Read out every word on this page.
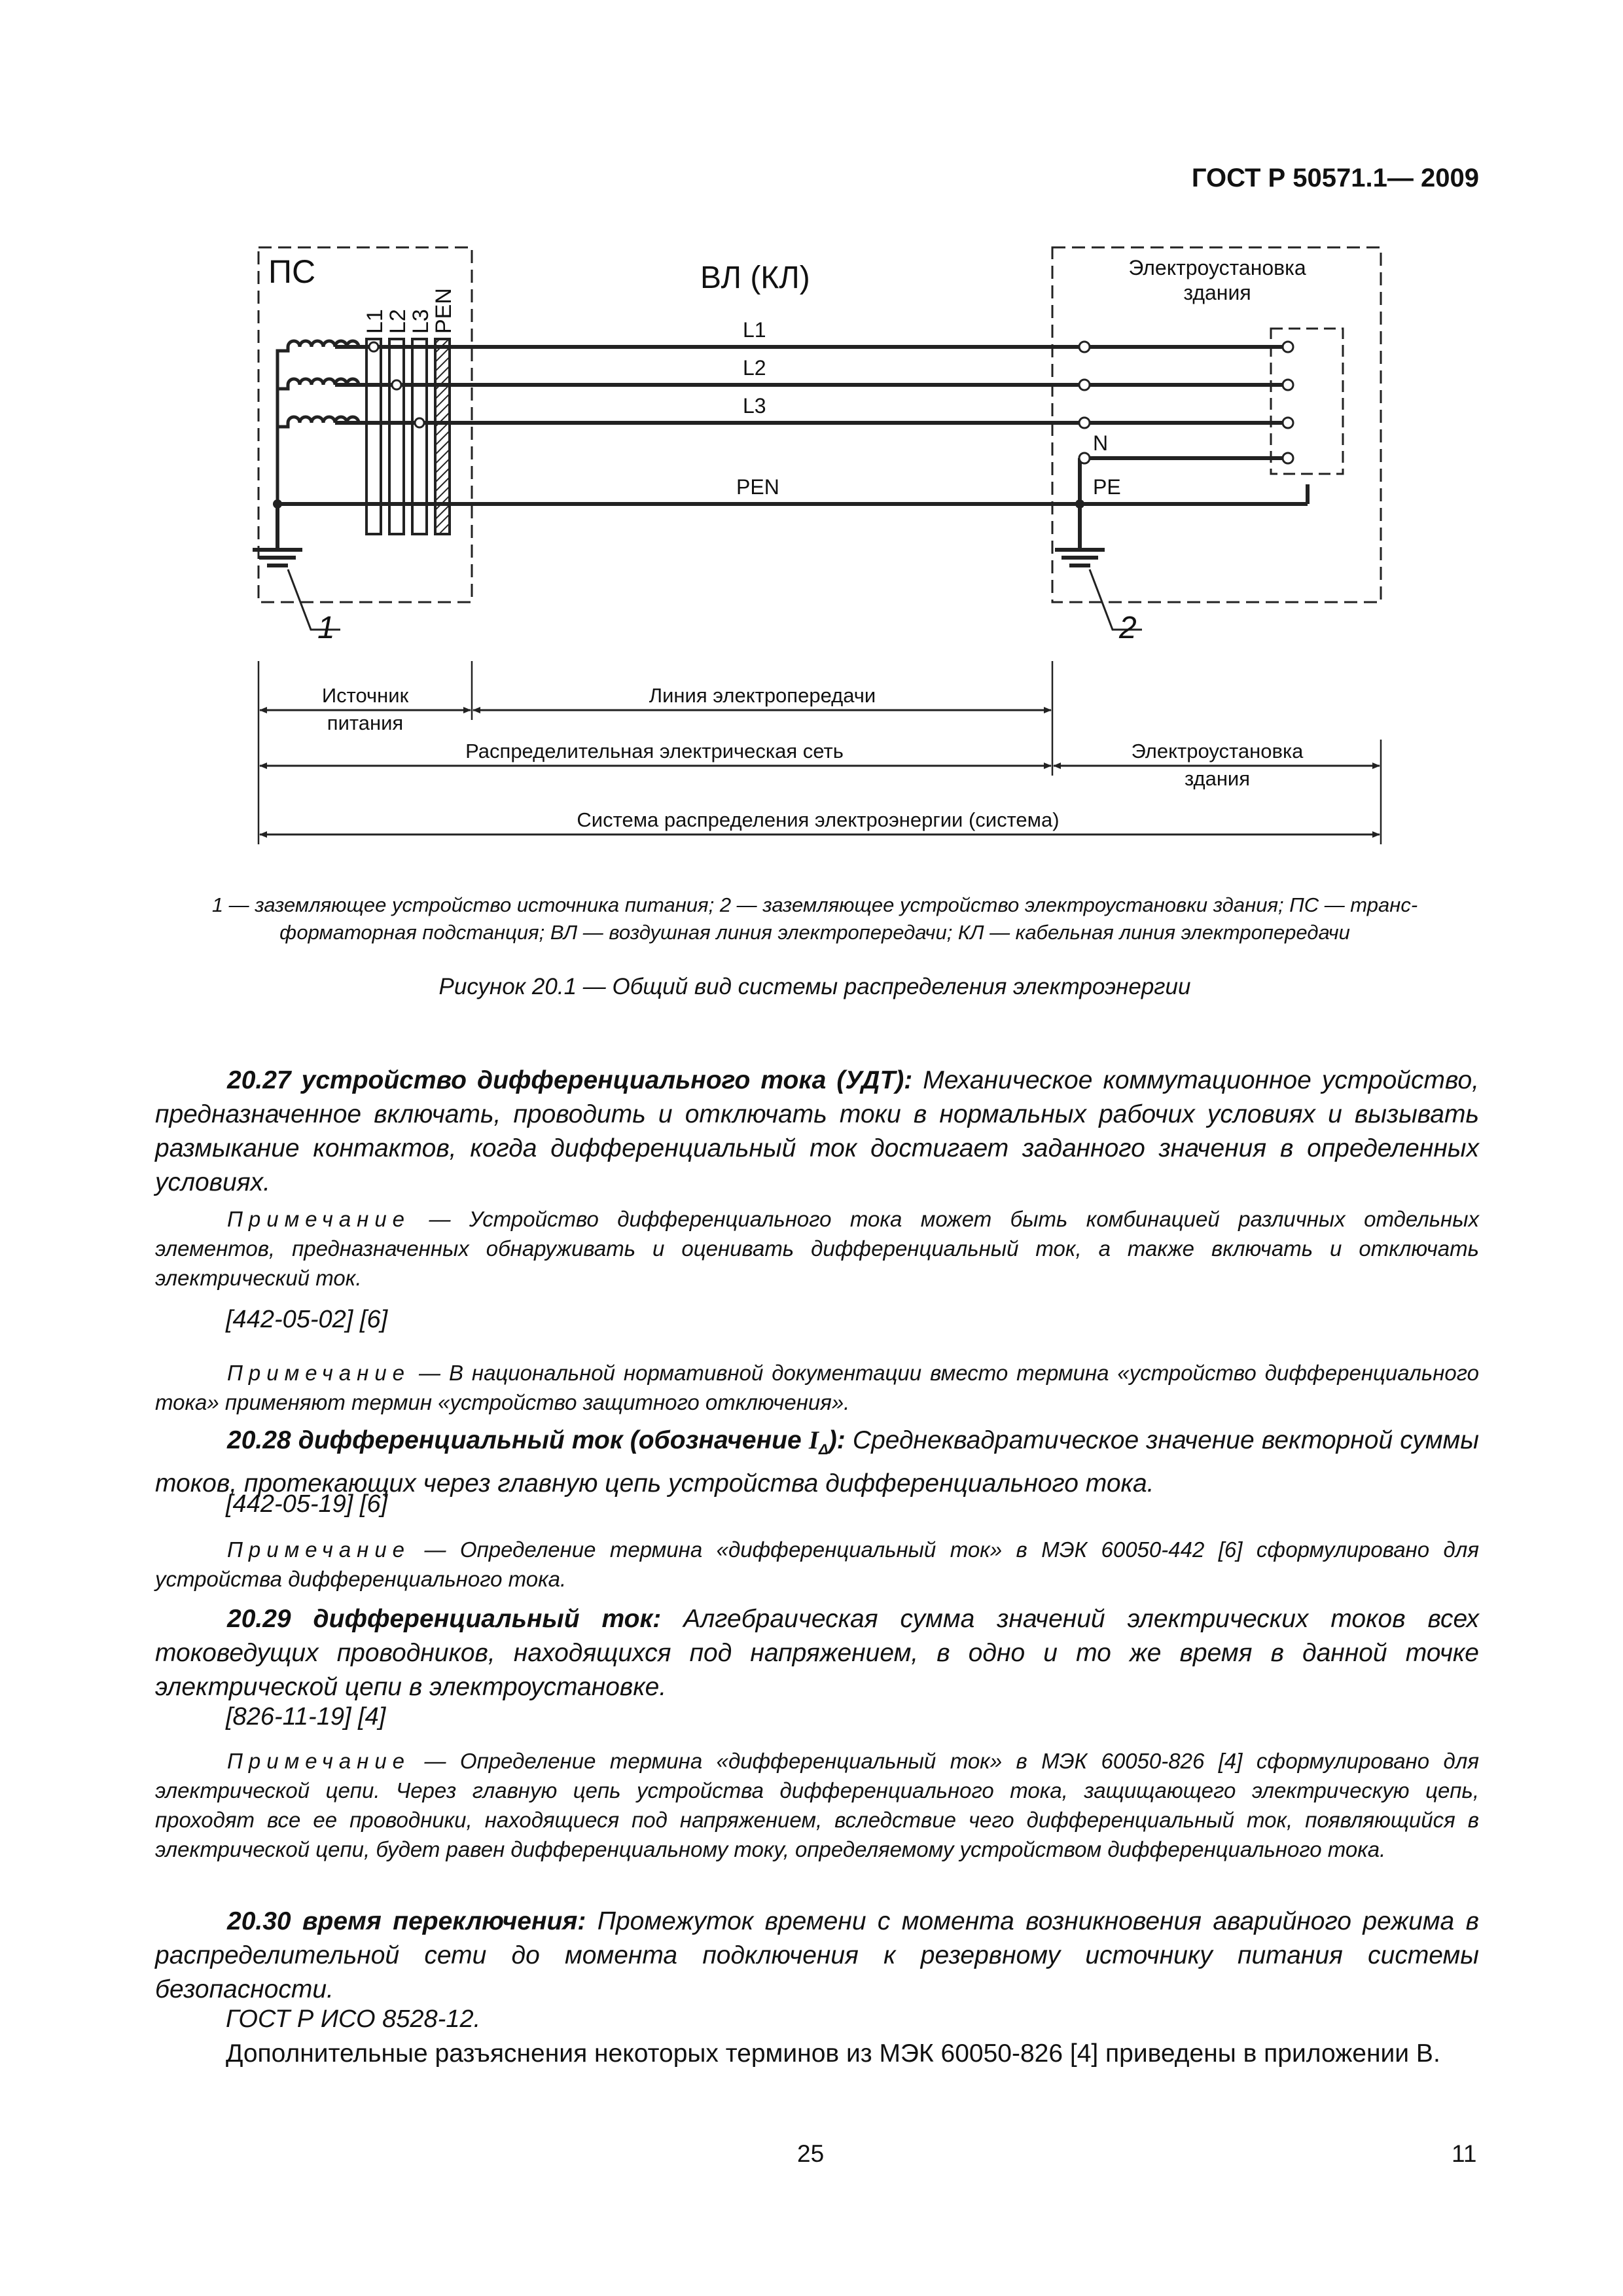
ГОСТ Р 50571.1— 2009
ПС
L1
L2
L3
PEN	L1
L2
L3
PEN
N
PE
ВЛ (КЛ)	Электроустановка
здания
1	2
Источник
питания
Линия электропередачи
Распределительная электрическая сеть	Электроустановка
здания
Система распределения электроэнергии (система)
1 — заземляющее устройство источника питания; 2 — заземляющее устройство электроустановки здания; ПС — транс-
форматорная подстанция; ВЛ — воздушная линия электропередачи; КЛ — кабельная линия электропередачи
Рисунок 20.1 — Общий вид системы распределения электроэнергии

20.27 устройство дифференциального тока (УДТ): Механическое коммутационное устройство, предназначенное включать, проводить и отключать токи в нормальных рабочих условиях и вызывать размыкание контактов, когда дифференциальный ток достигает заданного значения в определенных условиях.

Примечание — Устройство дифференциального тока может быть комбинацией различных отдельных элементов, предназначенных обнаруживать и оценивать дифференциальный ток, а также включать и отключать электрический ток.

[442-05-02] [6]

Примечание — В национальной нормативной документации вместо термина «устройство дифференциального тока» применяют термин «устройство защитного отключения».

20.28 дифференциальный ток (обозначение $I_\Delta$): Среднеквадратическое значение векторной суммы токов, протекающих через главную цепь устройства дифференциального тока.

[442-05-19] [6]

Примечание — Определение термина «дифференциальный ток» в МЭК 60050-442 [6] сформулировано для устройства дифференциального тока.

20.29 дифференциальный ток: Алгебраическая сумма значений электрических токов всех токоведущих проводников, находящихся под напряжением, в одно и то же время в данной точке электрической цепи в электроустановке.

[826-11-19] [4]

Примечание — Определение термина «дифференциальный ток» в МЭК 60050-826 [4] сформулировано для электрической цепи. Через главную цепь устройства дифференциального тока, защищающего электрическую цепь, проходят все ее проводники, находящиеся под напряжением, вследствие чего дифференциальный ток, появляющийся в электрической цепи, будет равен дифференциальному току, определяемому устройством дифференциального тока.

20.30 время переключения: Промежуток времени с момента возникновения аварийного режима в распределительной сети до момента подключения к резервному источнику питания системы безопасности.

ГОСТ Р ИСО 8528-12.
Дополнительные разъяснения некоторых терминов из МЭК 60050-826 [4] приведены в приложении В.
25	11
